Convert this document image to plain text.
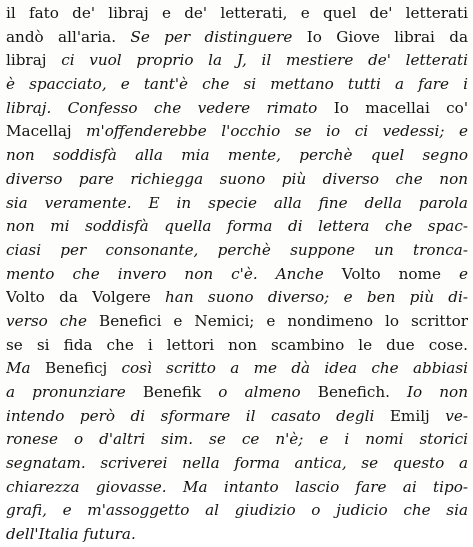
il fato de' libraj e de' letterati, e quel de' letterati
andò all'aria. Se per distinguere Io Giove librai da
libraj ci vuol proprio la J, il mestiere de' letterati
è spacciato, e tant'è che si mettano tutti a fare i
libraj. Confesso che vedere rimato Io macellai co'
Macellaj m'offenderebbe l'occhio se io ci vedessi; e
non soddisfà alla mia mente, perchè quel segno
diverso pare richiegga suono più diverso che non
sia veramente. E in specie alla fine della parola
non mi soddisfà quella forma di lettera che spac-
ciasi per consonante, perchè suppone un tronca-
mento che invero non c'è. Anche Volto nome e
Volto da Volgere han suono diverso; e ben più di-
verso che Benefici e Nemici; e nondimeno lo scrittor
se si fida che i lettori non scambino le due cose.
Ma Beneficj così scritto a me dà idea che abbiasi
a pronunziare Benefik o almeno Benefich. Io non
intendo però di sformare il casato degli Emilj ve-
ronese o d'altri sim. se ce n'è; e i nomi storici
segnatam. scriverei nella forma antica, se questo a
chiarezza giovasse. Ma intanto lascio fare ai tipo-
grafi, e m'assoggetto al giudizio o judicio che sia
dell'Italia futura.
